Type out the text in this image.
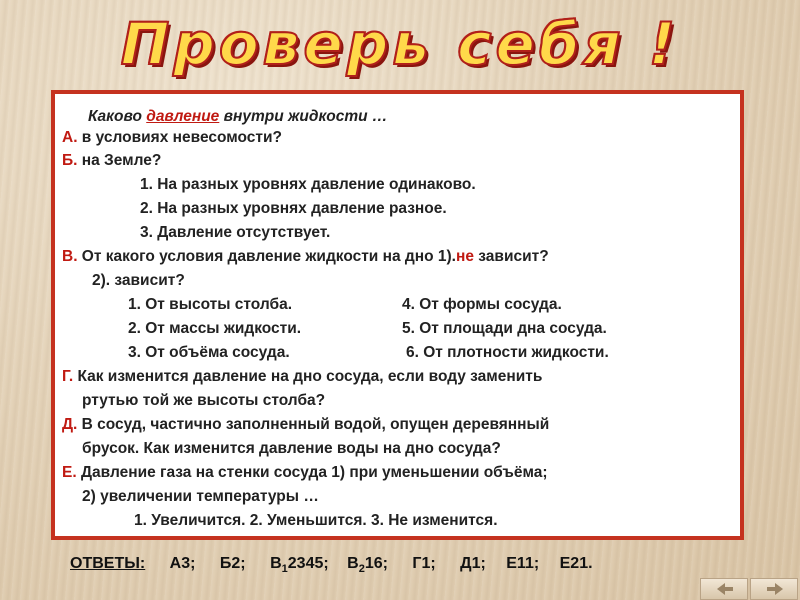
Проверь себя !
Каково давление внутри жидкости …
А. в условиях невесомости?
Б. на Земле?
1. На разных уровнях давление одинаково.
2. На разных уровнях давление разное.
3. Давление отсутствует.
В. От какого условия давление жидкости на дно 1).не зависит?
2). зависит?
1. От высоты столба.	4. От формы сосуда.
2. От массы жидкости.	5. От площади дна сосуда.
3. От объёма сосуда.	6. От плотности жидкости.
Г. Как изменится давление на дно сосуда, если воду заменить
ртутью той же высоты столба?
Д. В сосуд, частично заполненный водой, опущен деревянный
брусок. Как изменится давление воды на дно сосуда?
Е. Давление газа на стенки сосуда 1) при уменьшении объёма;
2) увеличении температуры …
1. Увеличится. 2. Уменьшится. 3. Не изменится.
ОТВЕТЫ: А3; Б2; $В_12345$; $В_216$; Г1; Д1; Е11; Е21.
